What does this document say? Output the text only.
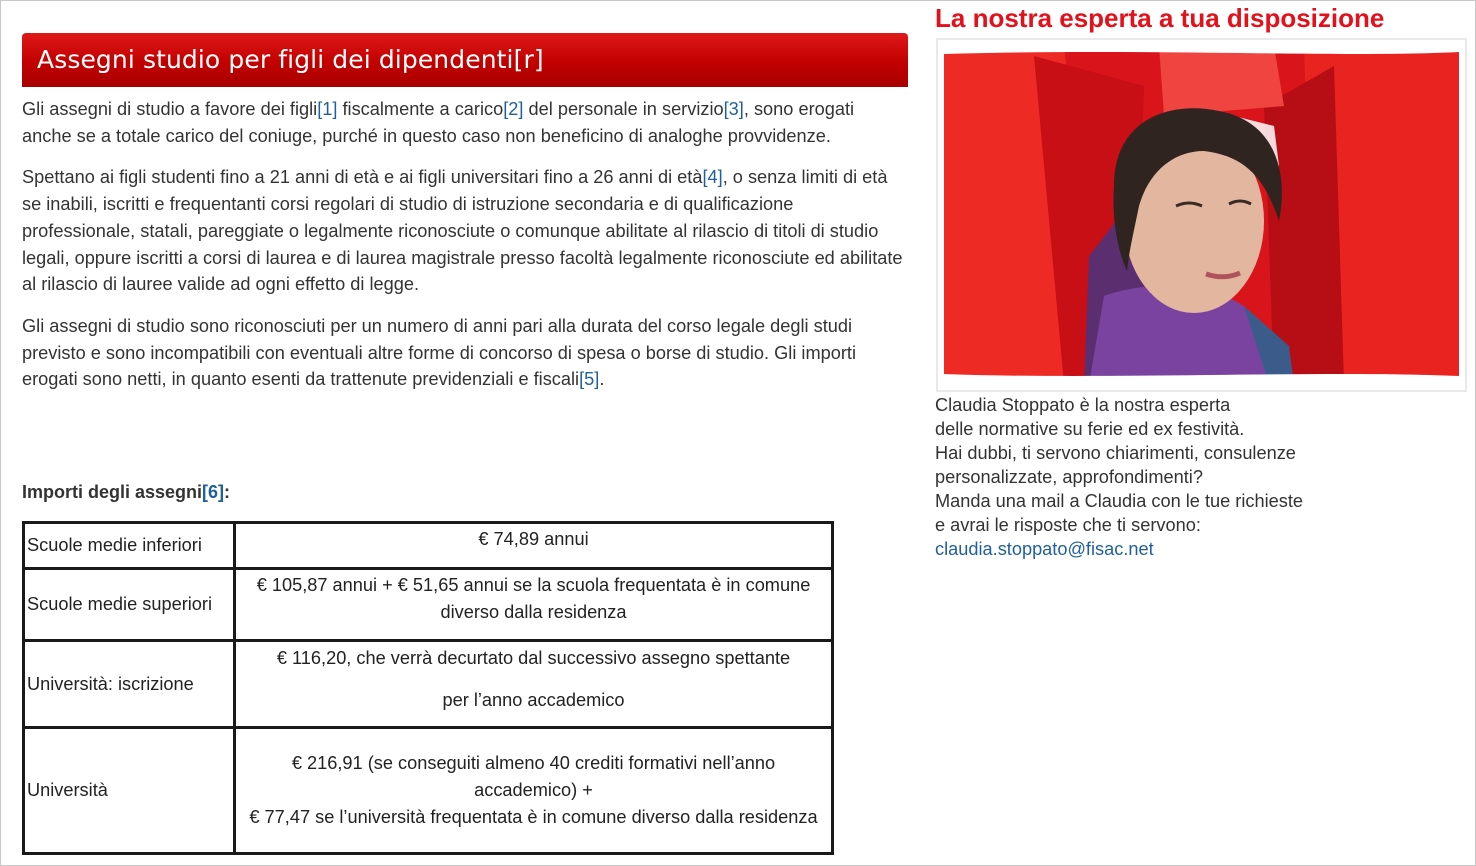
Assegni studio per figli dei dipendenti[r]

Gli assegni di studio a favore dei figli[1] fiscalmente a carico[2] del personale in servizio[3], sono erogati anche se a totale carico del coniuge, purché in questo caso non beneficino di analoghe provvidenze.

Spettano ai figli studenti fino a 21 anni di età e ai figli universitari fino a 26 anni di età[4], o senza limiti di età se inabili, iscritti e frequentanti corsi regolari di studio di istruzione secondaria e di qualificazione professionale, statali, pareggiate o legalmente riconosciute o comunque abilitate al rilascio di titoli di studio legali, oppure iscritti a corsi di laurea e di laurea magistrale presso facoltà legalmente riconosciute ed abilitate al rilascio di lauree valide ad ogni effetto di legge.

Gli assegni di studio sono riconosciuti per un numero di anni pari alla durata del corso legale degli studi previsto e sono incompatibili con eventuali altre forme di concorso di spesa o borse di studio. Gli importi erogati sono netti, in quanto esenti da trattenute previdenziali e fiscali[5].

Importi degli assegni[6]:
Scuole medie inferiori	€ 74,89 annui
Scuole medie superiori	€ 105,87 annui + € 51,65 annui se la scuola frequentata è in comune diverso dalla residenza
Università: iscrizione	€ 116,20, che verrà decurtato dal successivo assegno spettante
per l’anno accademico

Università	€ 216,91 (se conseguiti almeno 40 crediti formativi nell’anno accademico) +
€ 77,47 se l’università frequentata è in comune diverso dalla residenza
La nostra esperta a tua disposizione
Claudia Stoppato è la nostra esperta
delle normative su ferie ed ex festività.
Hai dubbi, ti servono chiarimenti, consulenze
personalizzate, approfondimenti?
Manda una mail a Claudia con le tue richieste
e avrai le risposte che ti servono:
claudia.stoppato@fisac.net
